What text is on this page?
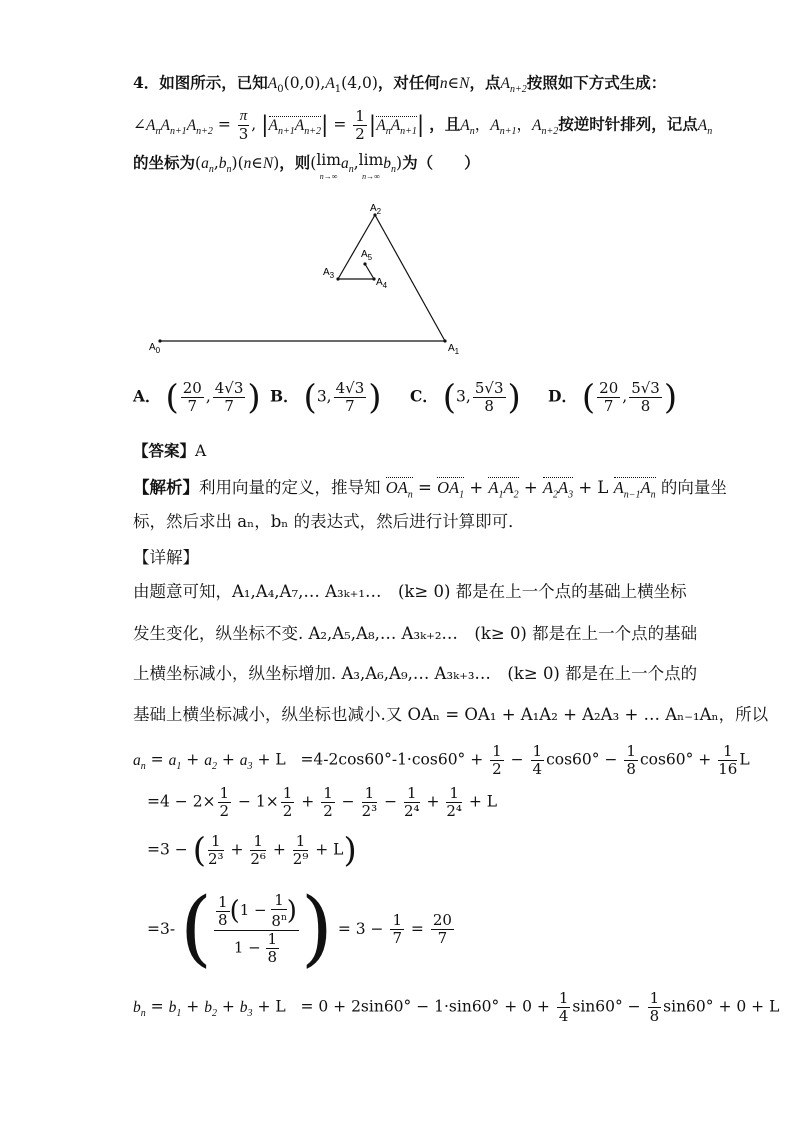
4．如图所示，已知$A_0(0,0),A_1(4,0)$，对任何n∈N，点$A_{n+2}$按照如下方式生成：
$\angle A_nA_{n+1}A_{n+2} = \frac{\pi}{3}$ , $|A_{n+1}A_{n+2}| = \frac{1}{2} |A_nA_{n+1}|$ ，且$A_n$，$A_{n+1}$，$A_{n+2}$按逆时针排列，记点$A_n$
的坐标为$(a_n,b_n)(n\in N)$，则(lim
$n\to\infty a_n,\lim$
$n\to\infty b_n$)为（　　）
$A_0$	$A_1$
$A_2$
$A_3$
$A_4$
$A_5$
A． ( $\frac{20}{7}$ , $\frac{4√3}{7}$ ) B． (3, $\frac{4√3}{7}$ ) C． (3, $\frac{5√3}{8}$ ) D． ( $\frac{20}{7}$ , $\frac{5√3}{8}$ )
【答案】A
【解析】利用向量的定义，推导知 $OA_n = OA_1 + A_1A_2 + A_2A_3 + L$ $A_{n-1}A_n$ 的向量坐
标，然后求出 aₙ，bₙ 的表达式，然后进行计算即可．
【详解】
由题意可知，A₁,A₄,A₇,… A₃ₖ₊₁…　(k≥ 0) 都是在上一个点的基础上横坐标
发生变化，纵坐标不变. A₂,A₅,A₈,… A₃ₖ₊₂…　(k≥ 0) 都是在上一个点的基础
上横坐标减小，纵坐标增加. A₃,A₆,A₉,… A₃ₖ₊₃…　(k≥ 0) 都是在上一个点的
基础上横坐标减小，纵坐标也减小.又 OAₙ = OA₁ + A₁A₂ + A₂A₃ + … Aₙ₋₁Aₙ，所以
$a_n = a_1 + a_2 + a_3 + L =4-2\cos 60^\circ-1\cdot\cos 60^\circ + \frac{1}{2} - \frac{1}{4} \cos 60^\circ - \frac{1}{8} \cos 60^\circ + \frac{1}{16}$ L
$=4 - 2\times \frac{1}{2} - 1\times \frac{1}{2} + \frac{1}{2} - \frac{1}{\text{2³}} - \frac{1}{\text{2⁴}} + \frac{1}{\text{2⁴}} + L$
=3 − ( $\frac{1}{\text{2³}} + \frac{1}{\text{2⁶}} + \frac{1}{\text{2⁹}} + L$)
=3- ( $\frac{\frac{1}{8} (1 - \frac{1}{8^n} )}{1 - \frac{1}{8}}$ ) = $3 - \frac{1}{7} = \frac{20}{7}$
$b_n = b_1 + b_2 + b_3 + L = 0 + 2\sin 60^\circ - 1\cdot\sin 60^\circ + 0 + \frac{1}{4} \sin 60^\circ - \frac{1}{8} \sin 60^\circ + 0 + L$
